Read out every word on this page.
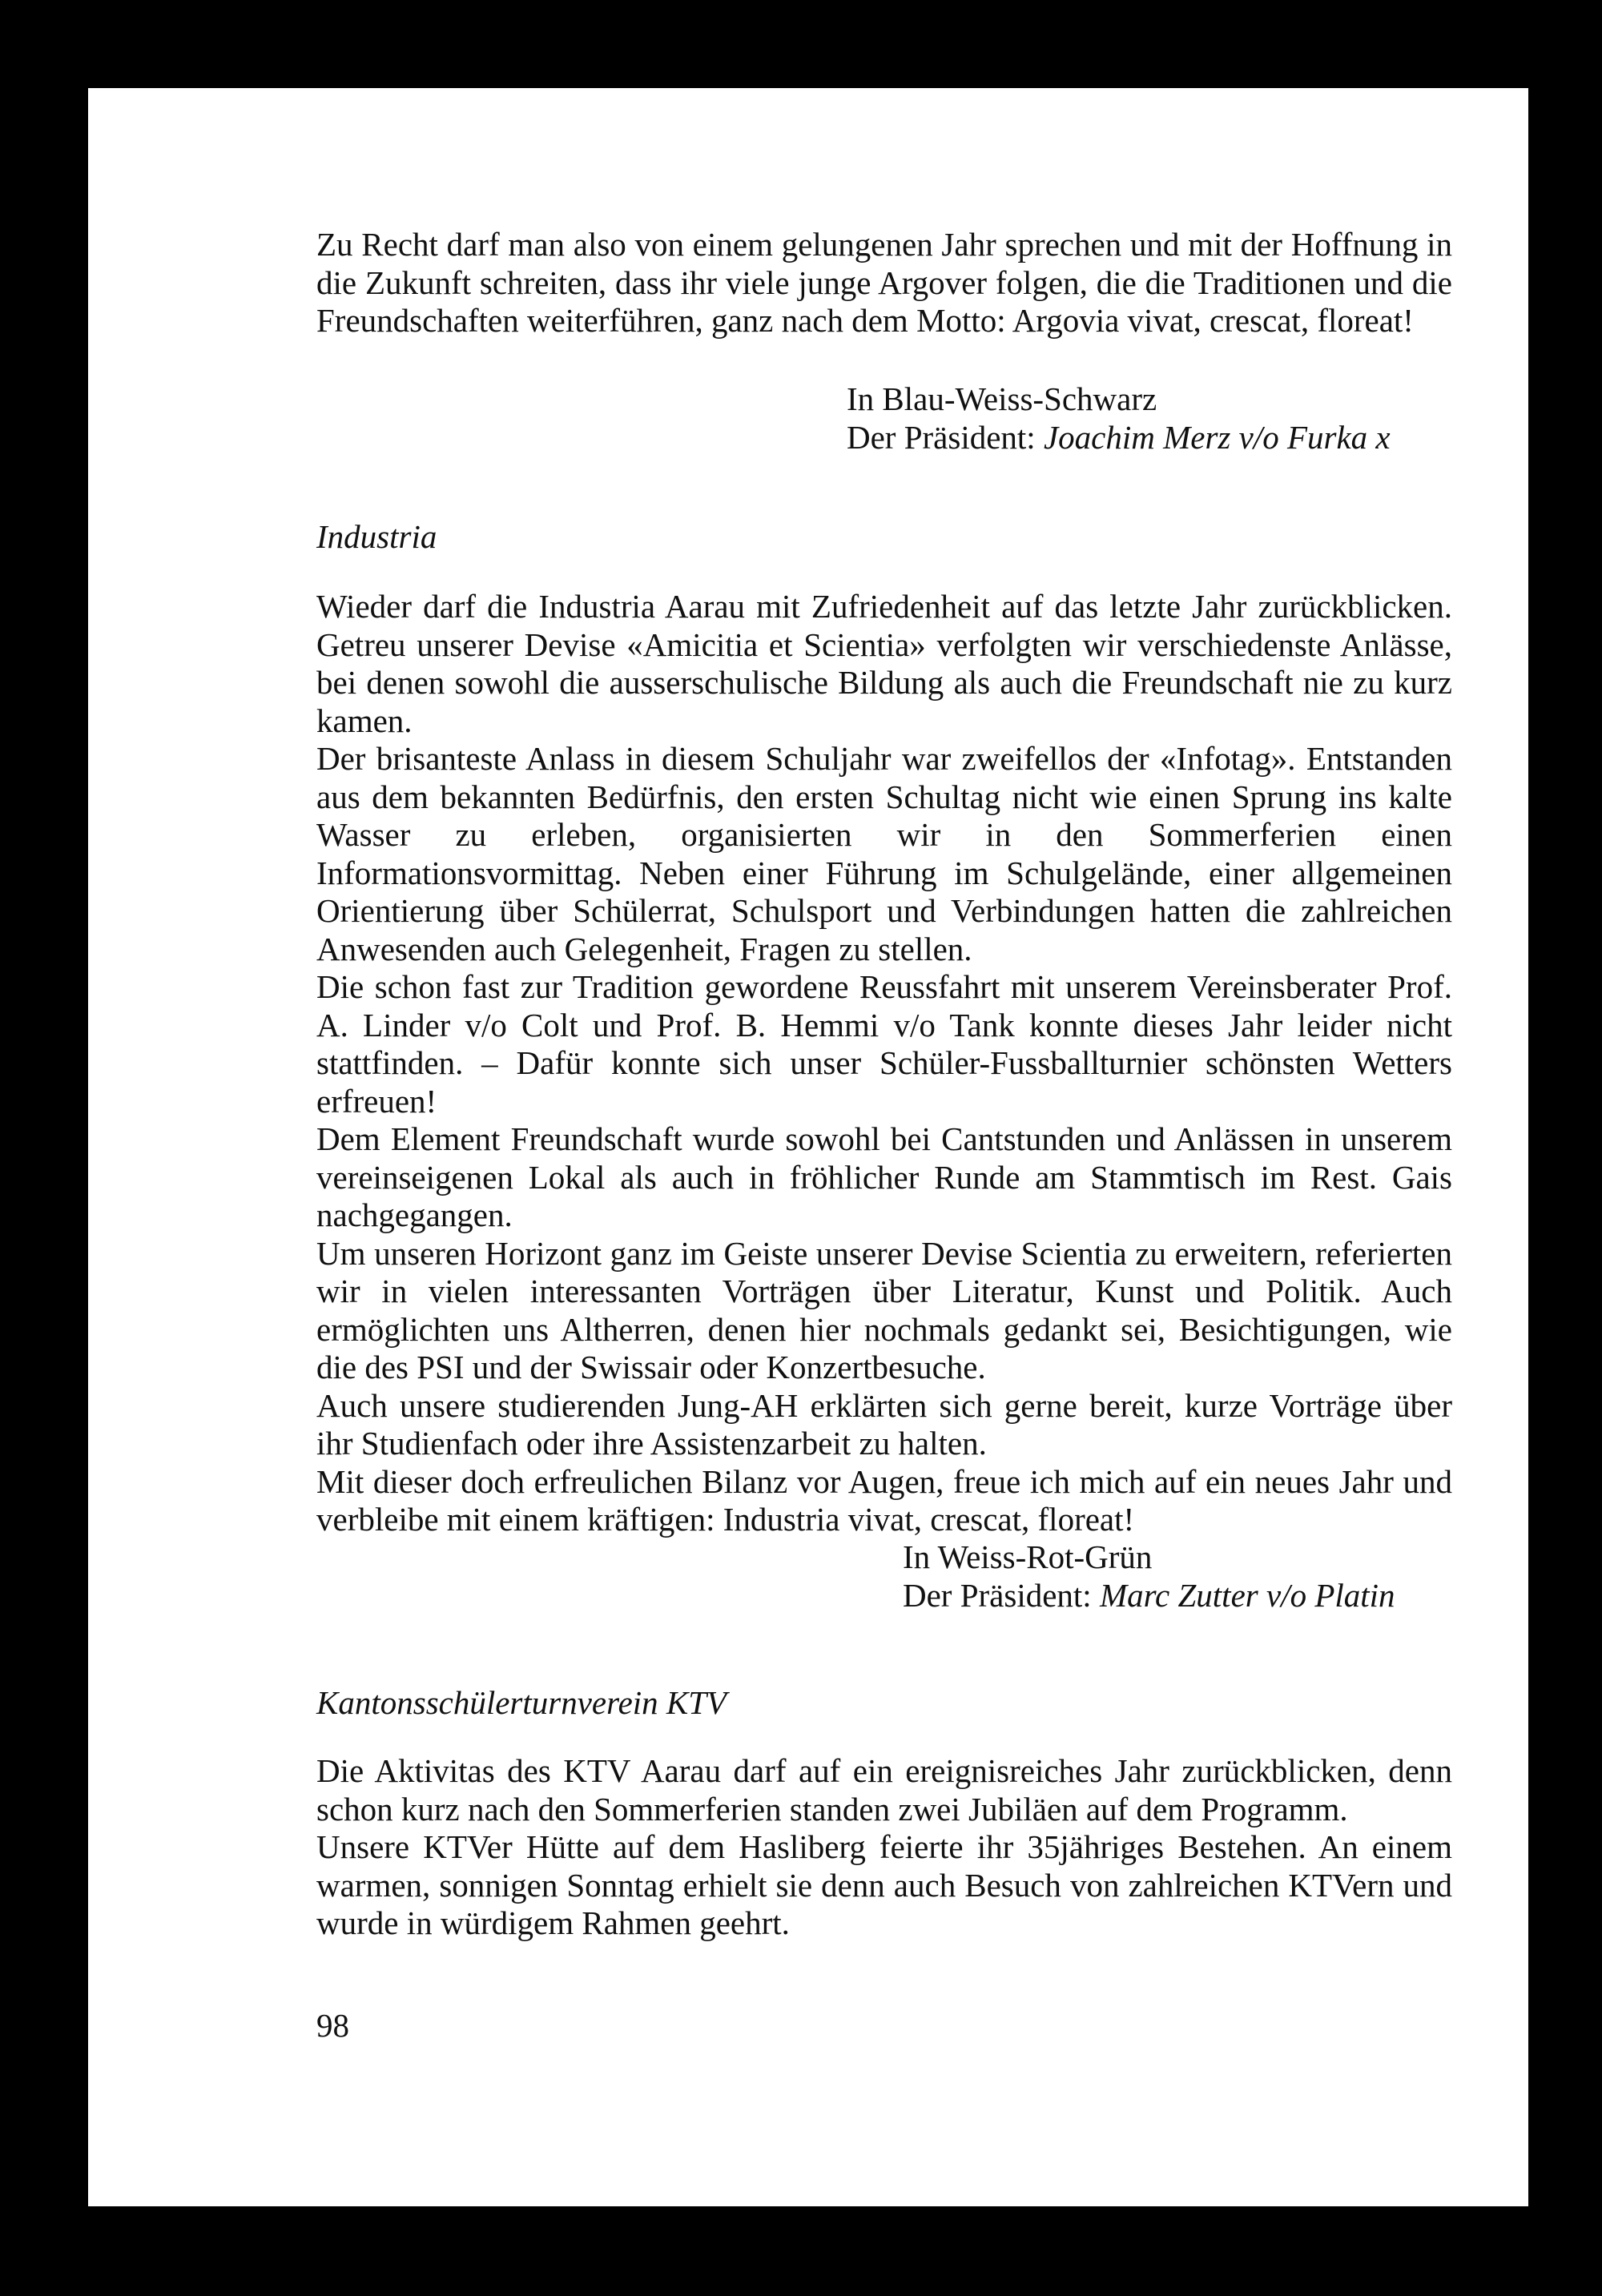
Zu Recht darf man also von einem gelungenen Jahr sprechen und mit der Hoffnung in die Zukunft schreiten, dass ihr viele junge Argover folgen, die die Traditionen und die Freundschaften weiterführen, ganz nach dem Motto: Argovia vivat, crescat, floreat!

In Blau-Weiss-Schwarz
Der Präsident: Joachim Merz v/o Furka x
Industria

Wieder darf die Industria Aarau mit Zufriedenheit auf das letzte Jahr zurückblicken. Getreu unserer Devise «Amicitia et Scientia» verfolgten wir verschiedenste Anlässe, bei denen sowohl die ausserschulische Bildung als auch die Freundschaft nie zu kurz kamen.

Der brisanteste Anlass in diesem Schuljahr war zweifellos der «Infotag». Entstanden aus dem bekannten Bedürfnis, den ersten Schultag nicht wie einen Sprung ins kalte Wasser zu erleben, organisierten wir in den Sommerferien einen Informationsvormittag. Neben einer Führung im Schulgelände, einer allgemeinen Orientierung über Schülerrat, Schulsport und Verbindungen hatten die zahlreichen Anwesenden auch Gelegenheit, Fragen zu stellen.

Die schon fast zur Tradition gewordene Reussfahrt mit unserem Vereinsberater Prof. A. Linder v/o Colt und Prof. B. Hemmi v/o Tank konnte dieses Jahr leider nicht stattfinden. – Dafür konnte sich unser Schüler-Fussballturnier schönsten Wetters erfreuen!

Dem Element Freundschaft wurde sowohl bei Cantstunden und Anlässen in unserem vereinseigenen Lokal als auch in fröhlicher Runde am Stammtisch im Rest. Gais nachgegangen.

Um unseren Horizont ganz im Geiste unserer Devise Scientia zu erweitern, referierten wir in vielen interessanten Vorträgen über Literatur, Kunst und Politik. Auch ermöglichten uns Altherren, denen hier nochmals gedankt sei, Besichtigungen, wie die des PSI und der Swissair oder Konzertbesuche.

Auch unsere studierenden Jung-AH erklärten sich gerne bereit, kurze Vorträge über ihr Studienfach oder ihre Assistenzarbeit zu halten.

Mit dieser doch erfreulichen Bilanz vor Augen, freue ich mich auf ein neues Jahr und verbleibe mit einem kräftigen: Industria vivat, crescat, floreat!

In Weiss-Rot-Grün
Der Präsident: Marc Zutter v/o Platin
Kantonsschülerturnverein KTV

Die Aktivitas des KTV Aarau darf auf ein ereignisreiches Jahr zurückblicken, denn schon kurz nach den Sommerferien standen zwei Jubiläen auf dem Programm.

Unsere KTVer Hütte auf dem Hasliberg feierte ihr 35jähriges Bestehen. An einem warmen, sonnigen Sonntag erhielt sie denn auch Besuch von zahlreichen KTVern und wurde in würdigem Rahmen geehrt.

98
